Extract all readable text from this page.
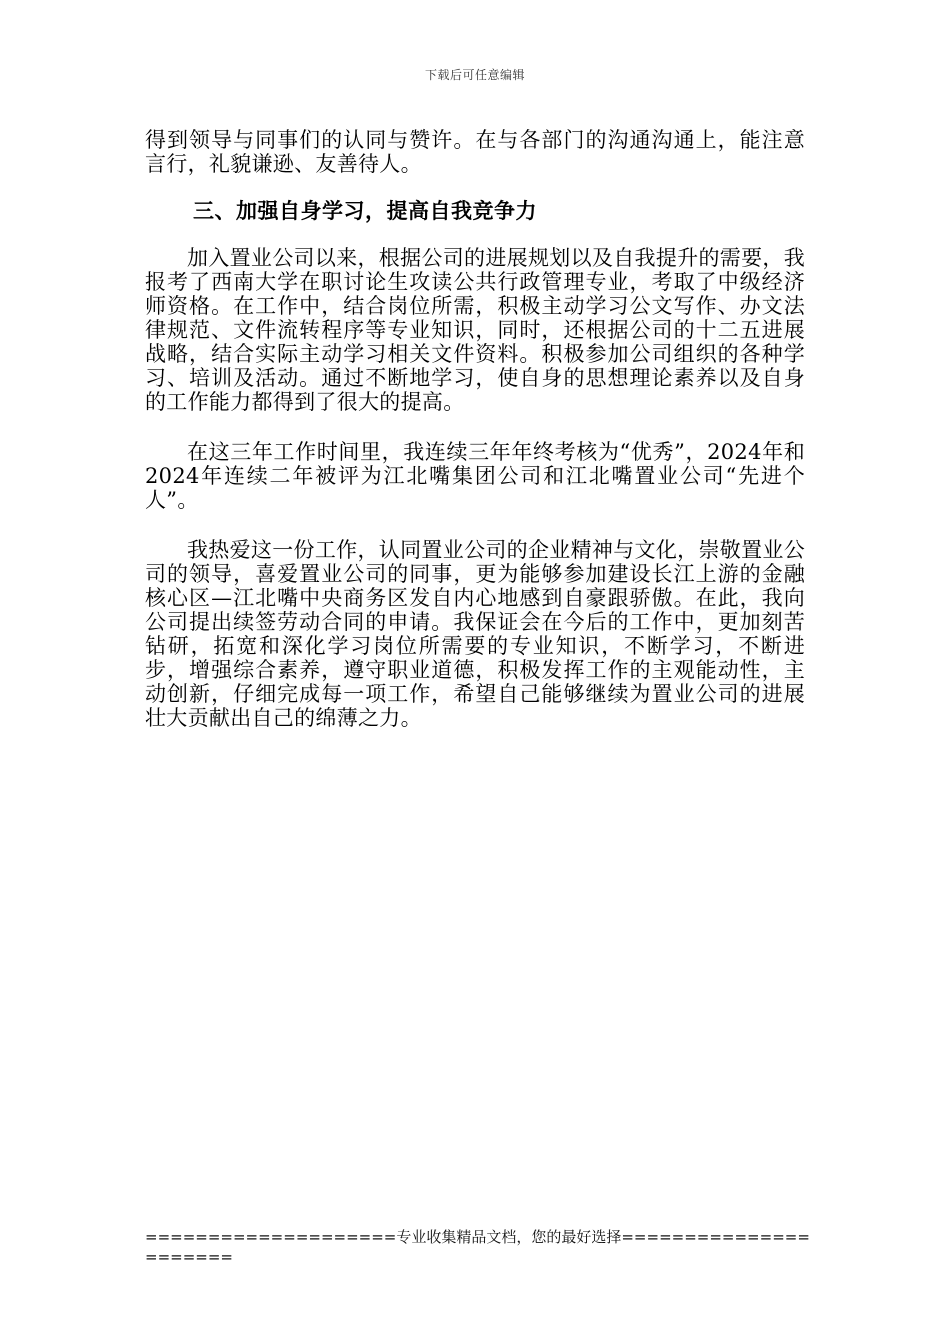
下载后可任意编辑

得到领导与同事们的认同与赞许。在与各部门的沟通沟通上，能注意言行，礼貌谦逊、友善待人。

三、加强自身学习，提高自我竞争力

加入置业公司以来，根据公司的进展规划以及自我提升的需要，我报考了西南大学在职讨论生攻读公共行政管理专业，考取了中级经济师资格。在工作中，结合岗位所需，积极主动学习公文写作、办文法律规范、文件流转程序等专业知识，同时，还根据公司的十二五进展战略，结合实际主动学习相关文件资料。积极参加公司组织的各种学习、培训及活动。通过不断地学习，使自身的思想理论素养以及自身的工作能力都得到了很大的提高。

在这三年工作时间里，我连续三年年终考核为“优秀”，2024年和2024年连续二年被评为江北嘴集团公司和江北嘴置业公司“先进个人”。

我热爱这一份工作，认同置业公司的企业精神与文化，崇敬置业公司的领导，喜爱置业公司的同事，更为能够参加建设长江上游的金融核心区—江北嘴中央商务区发自内心地感到自豪跟骄傲。在此，我向公司提出续签劳动合同的申请。我保证会在今后的工作中，更加刻苦钻研，拓宽和深化学习岗位所需要的专业知识，不断学习，不断进步，增强综合素养，遵守职业道德，积极发挥工作的主观能动性，主动创新，仔细完成每一项工作，希望自己能够继续为置业公司的进展壮大贡献出自己的绵薄之力。

====================专业收集精品文档，您的最好选择======================
